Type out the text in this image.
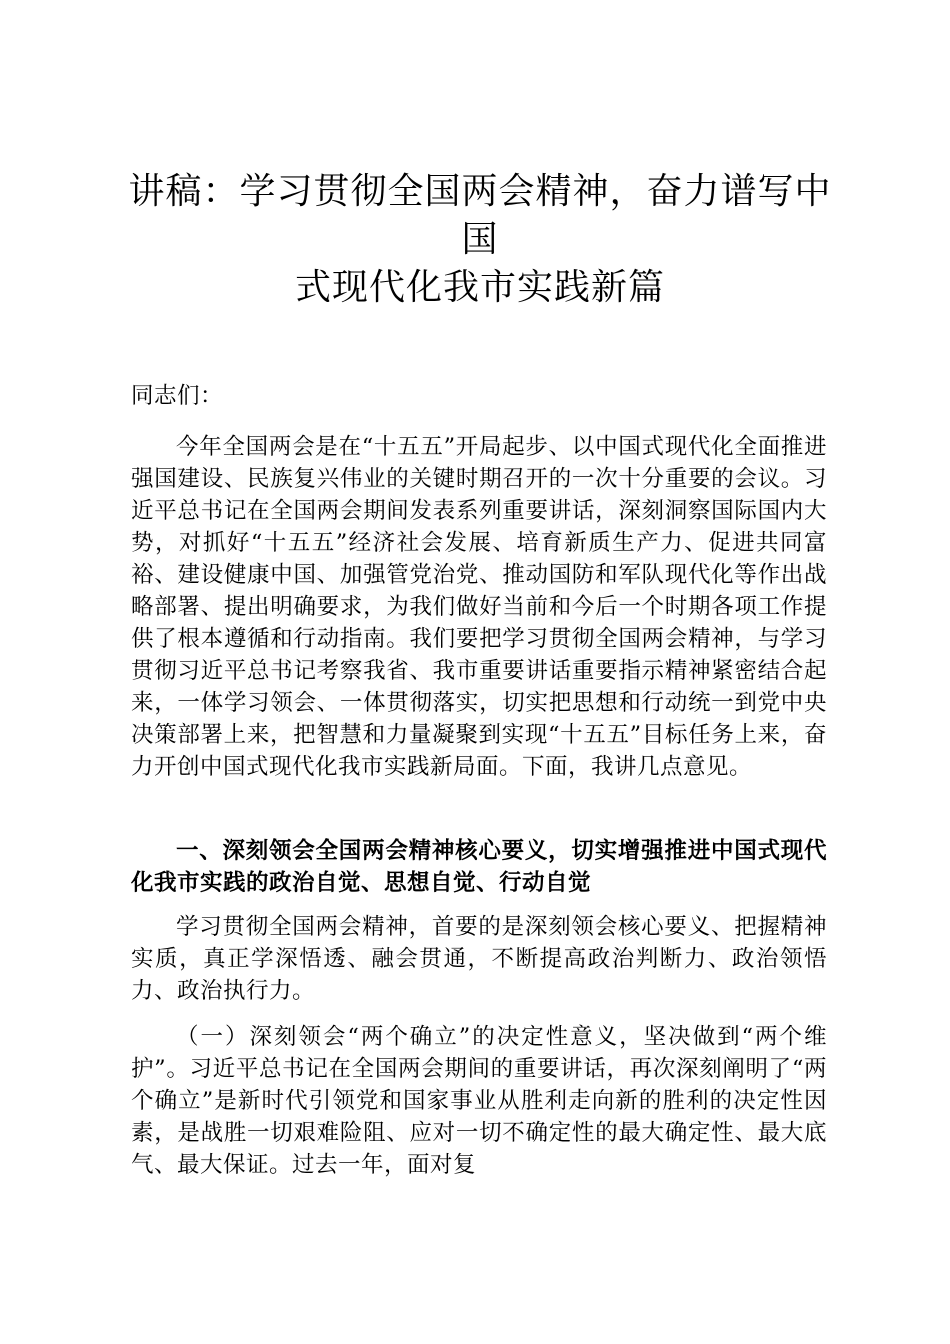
讲稿：学习贯彻全国两会精神，奋力谱写中国
式现代化我市实践新篇

同志们：

今年全国两会是在“十五五”开局起步、以中国式现代化全面推进强国建设、民族复兴伟业的关键时期召开的一次十分重要的会议。习近平总书记在全国两会期间发表系列重要讲话，深刻洞察国际国内大势，对抓好“十五五”经济社会发展、培育新质生产力、促进共同富裕、建设健康中国、加强管党治党、推动国防和军队现代化等作出战略部署、提出明确要求，为我们做好当前和今后一个时期各项工作提供了根本遵循和行动指南。我们要把学习贯彻全国两会精神，与学习贯彻习近平总书记考察我省、我市重要讲话重要指示精神紧密结合起来，一体学习领会、一体贯彻落实，切实把思想和行动统一到党中央决策部署上来，把智慧和力量凝聚到实现“十五五”目标任务上来，奋力开创中国式现代化我市实践新局面。下面，我讲几点意见。

一、深刻领会全国两会精神核心要义，切实增强推进中国式现代化我市实践的政治自觉、思想自觉、行动自觉

学习贯彻全国两会精神，首要的是深刻领会核心要义、把握精神实质，真正学深悟透、融会贯通，不断提高政治判断力、政治领悟力、政治执行力。

（一）深刻领会“两个确立”的决定性意义，坚决做到“两个维护”。习近平总书记在全国两会期间的重要讲话，再次深刻阐明了“两个确立”是新时代引领党和国家事业从胜利走向新的胜利的决定性因素，是战胜一切艰难险阻、应对一切不确定性的最大确定性、最大底气、最大保证。过去一年，面对复
